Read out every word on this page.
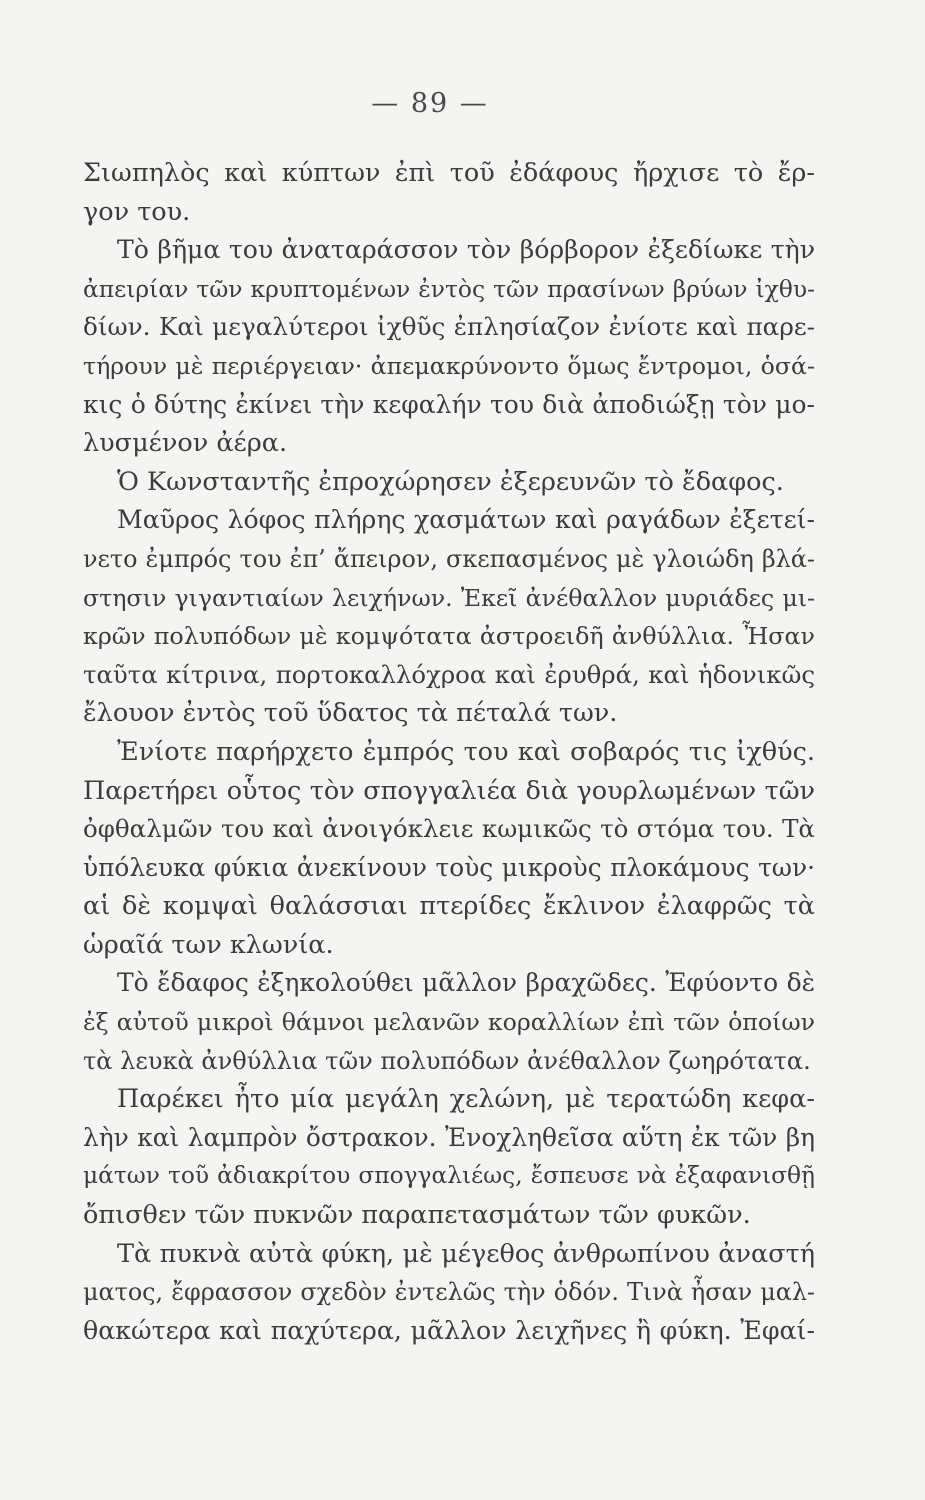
— 89 —
Σιωπηλὸς καὶ κύπτων ἐπὶ τοῦ ἐδάφους ἤρχισε τὸ ἔρ-
γον του.
Τὸ βῆμα του ἀναταράσσον τὸν βόρβορον ἐξεδίωκε τὴν
ἀπειρίαν τῶν κρυπτομένων ἐντὸς τῶν πρασίνων βρύων ἰχθυ-
δίων. Καὶ μεγαλύτεροι ἰχθῦς ἐπλησίαζον ἐνίοτε καὶ παρε-
τήρουν μὲ περιέργειαν· ἀπεμακρύνοντο ὅμως ἔντρομοι, ὁσά-
κις ὁ δύτης ἐκίνει τὴν κεφαλήν του διὰ ἀποδιώξῃ τὸν μο-
λυσμένον ἀέρα.
Ὁ Κωνσταντῆς ἐπροχώρησεν ἐξερευνῶν τὸ ἔδαφος.
Μαῦρος λόφος πλήρης χασμάτων καὶ ραγάδων ἐξετεί-
νετο ἐμπρός του ἐπ’ ἄπειρον, σκεπασμένος μὲ γλοιώδη βλά-
στησιν γιγαντιαίων λειχήνων. Ἐκεῖ ἀνέθαλλον μυριάδες μι-
κρῶν πολυπόδων μὲ κομψότατα ἀστροειδῆ ἀνθύλλια. Ἦσαν
ταῦτα κίτρινα, πορτοκαλλόχροα καὶ ἐρυθρά, καὶ ἡδονικῶς
ἔλουον ἐντὸς τοῦ ὕδατος τὰ πέταλά των.
Ἐνίοτε παρήρχετο ἐμπρός του καὶ σοβαρός τις ἰχθύς.
Παρετήρει οὗτος τὸν σπογγαλιέα διὰ γουρλωμένων τῶν
ὀφθαλμῶν του καὶ ἀνοιγόκλειε κωμικῶς τὸ στόμα του. Τὰ
ὑπόλευκα φύκια ἀνεκίνουν τοὺς μικροὺς πλοκάμους των·
αἱ δὲ κομψαὶ θαλάσσιαι πτερίδες ἔκλινον ἐλαφρῶς τὰ
ὡραῖά των κλωνία.
Τὸ ἔδαφος ἐξηκολούθει μᾶλλον βραχῶδες. Ἐφύοντο δὲ
ἐξ αὐτοῦ μικροὶ θάμνοι μελανῶν κοραλλίων ἐπὶ τῶν ὁποίων
τὰ λευκὰ ἀνθύλλια τῶν πολυπόδων ἀνέθαλλον ζωηρότατα.
Παρέκει ἦτο μία μεγάλη χελώνη, μὲ τερατώδη κεφα-
λὴν καὶ λαμπρὸν ὄστρακον. Ἐνοχληθεῖσα αὕτη ἐκ τῶν βη
μάτων τοῦ ἀδιακρίτου σπογγαλιέως, ἔσπευσε νὰ ἐξαφανισθῇ
ὄπισθεν τῶν πυκνῶν παραπετασμάτων τῶν φυκῶν.
Τὰ πυκνὰ αὐτὰ φύκη, μὲ μέγεθος ἀνθρωπίνου ἀναστή
ματος, ἔφρασσον σχεδὸν ἐντελῶς τὴν ὁδόν. Τινὰ ἦσαν μαλ-
θακώτερα καὶ παχύτερα, μᾶλλον λειχῆνες ἢ φύκη. Ἐφαί-
